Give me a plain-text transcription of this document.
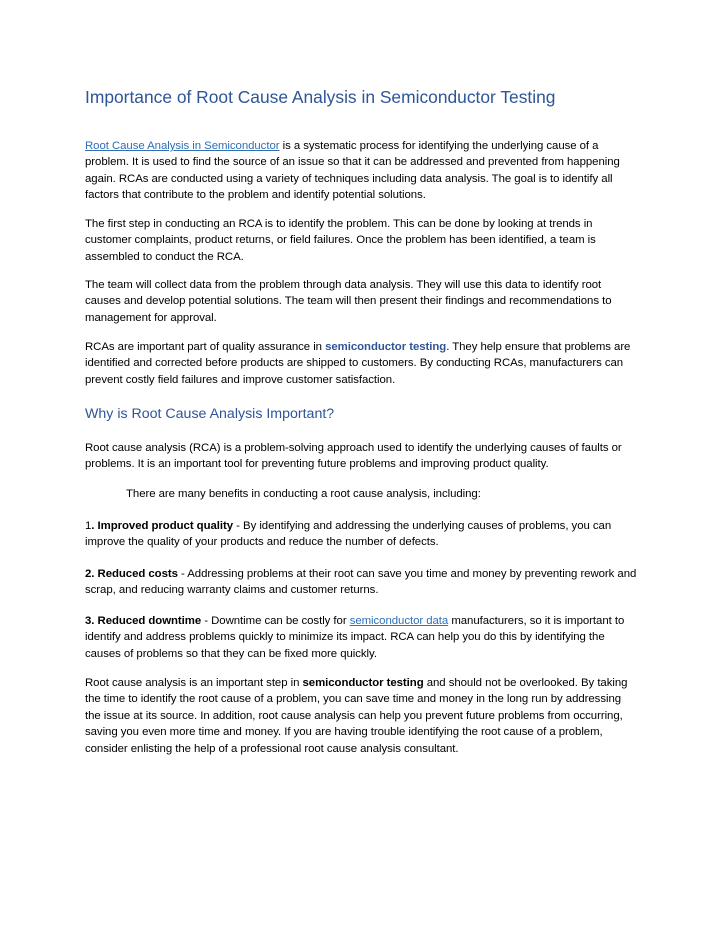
Importance of Root Cause Analysis in Semiconductor Testing

Root Cause Analysis in Semiconductor is a systematic process for identifying the underlying cause of a problem. It is used to find the source of an issue so that it can be addressed and prevented from happening again. RCAs are conducted using a variety of techniques including data analysis. The goal is to identify all factors that contribute to the problem and identify potential solutions.

The first step in conducting an RCA is to identify the problem. This can be done by looking at trends in customer complaints, product returns, or field failures. Once the problem has been identified, a team is assembled to conduct the RCA.

The team will collect data from the problem through data analysis. They will use this data to identify root causes and develop potential solutions. The team will then present their findings and recommendations to management for approval.

RCAs are important part of quality assurance in semiconductor testing. They help ensure that problems are identified and corrected before products are shipped to customers. By conducting RCAs, manufacturers can prevent costly field failures and improve customer satisfaction.

Why is Root Cause Analysis Important?

Root cause analysis (RCA) is a problem-solving approach used to identify the underlying causes of faults or problems. It is an important tool for preventing future problems and improving product quality.

There are many benefits in conducting a root cause analysis, including:

1. Improved product quality - By identifying and addressing the underlying causes of problems, you can improve the quality of your products and reduce the number of defects.

2. Reduced costs - Addressing problems at their root can save you time and money by preventing rework and scrap, and reducing warranty claims and customer returns.

3. Reduced downtime - Downtime can be costly for semiconductor data manufacturers, so it is important to identify and address problems quickly to minimize its impact. RCA can help you do this by identifying the causes of problems so that they can be fixed more quickly.

Root cause analysis is an important step in semiconductor testing and should not be overlooked. By taking the time to identify the root cause of a problem, you can save time and money in the long run by addressing the issue at its source. In addition, root cause analysis can help you prevent future problems from occurring, saving you even more time and money. If you are having trouble identifying the root cause of a problem, consider enlisting the help of a professional root cause analysis consultant.
